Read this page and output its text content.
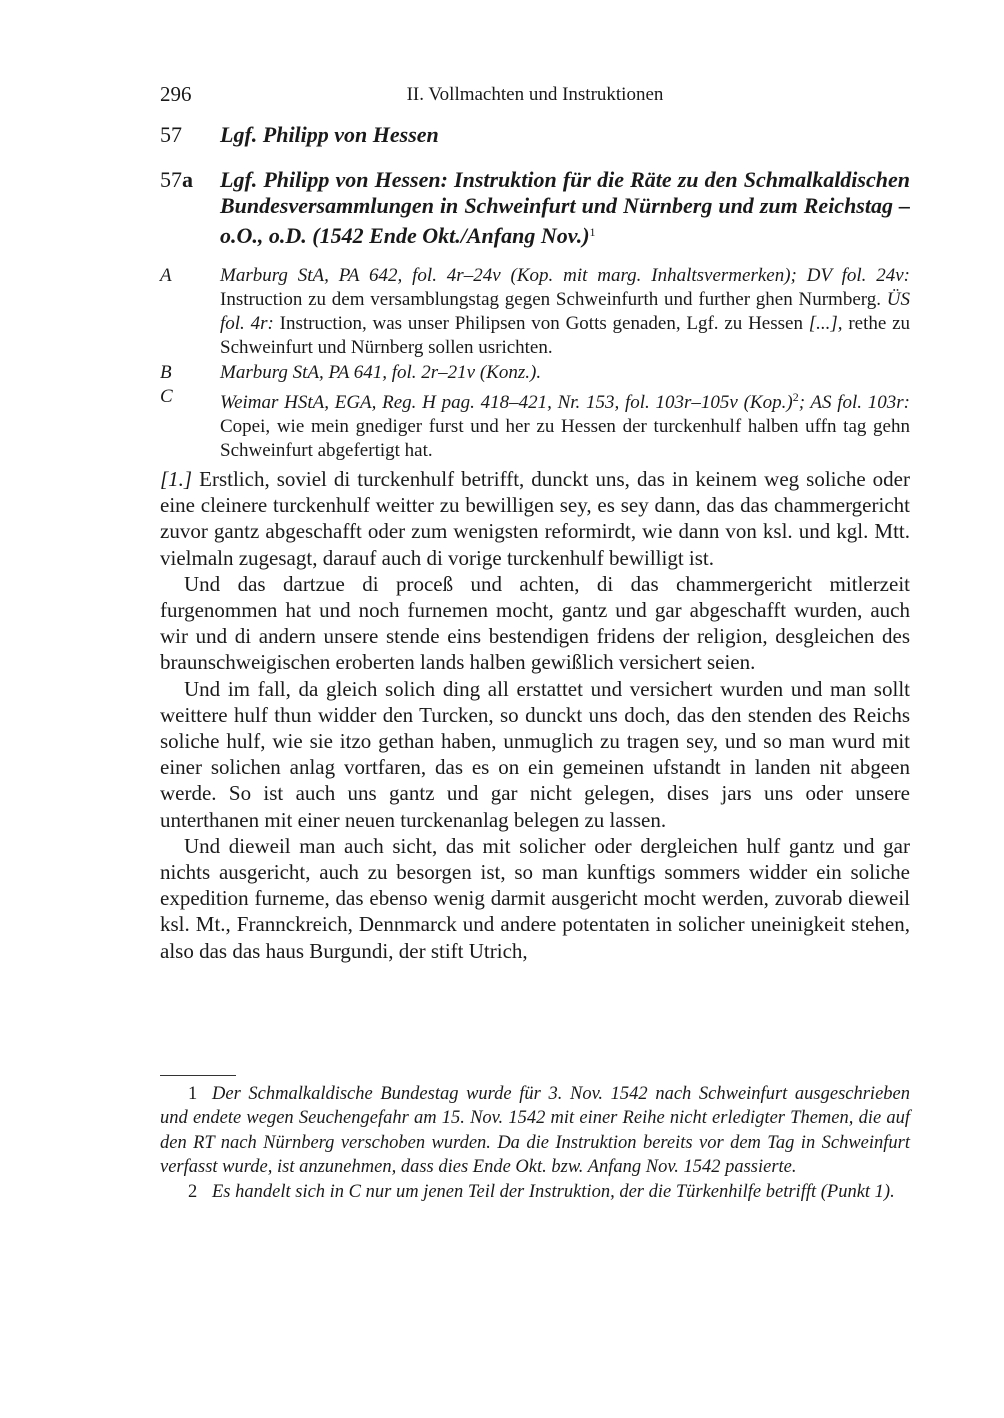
296	II. Vollmachten und Instruktionen
57 Lgf. Philipp von Hessen
57a Lgf. Philipp von Hessen: Instruktion für die Räte zu den Schmalkaldischen Bundesversammlungen in Schweinfurt und Nürnberg und zum Reichstag – o.O., o.D. (1542 Ende Okt./Anfang Nov.)$^1$
A	Marburg StA, PA 642, fol. 4r–24v (Kop. mit marg. Inhaltsvermerken); DV fol. 24v: Instruction zu dem versamblungstag gegen Schweinfurth und further ghen Nurmberg. ÜS fol. 4r: Instruction, was unser Philipsen von Gotts genaden, Lgf. zu Hessen [...], rethe zu Schweinfurt und Nürnberg sollen usrichten.
B	Marburg StA, PA 641, fol. 2r–21v (Konz.).
C Weimar HStA, EGA, Reg. H pag. 418–421, Nr. 153, fol. 103r–105v $(Kop.)^2$; AS fol. 103r: Copei, wie mein gnediger furst und her zu Hessen der turckenhulf halben uffn tag gehn Schweinfurt abgefertigt hat.

[1.] Erstlich, soviel di turckenhulf betrifft, dunckt uns, das in keinem weg soliche oder eine cleinere turckenhulf weitter zu bewilligen sey, es sey dann, das das chammergericht zuvor gantz abgeschafft oder zum wenigsten reformirdt, wie dann von ksl. und kgl. Mtt. vielmaln zugesagt, darauf auch di vorige turckenhulf bewilligt ist.

Und das dartzue di proceß und achten, di das chammergericht mitlerzeit furgenommen hat und noch furnemen mocht, gantz und gar abgeschafft wurden, auch wir und di andern unsere stende eins bestendigen fridens der religion, desgleichen des braunschweigischen eroberten lands halben gewißlich versichert seien.

Und im fall, da gleich solich ding all erstattet und versichert wurden und man sollt weittere hulf thun widder den Turcken, so dunckt uns doch, das den stenden des Reichs soliche hulf, wie sie itzo gethan haben, unmuglich zu tragen sey, und so man wurd mit einer solichen anlag vortfaren, das es on ein gemeinen ufstandt in landen nit abgeen werde. So ist auch uns gantz und gar nicht gelegen, dises jars uns oder unsere unterthanen mit einer neuen turckenanlag belegen zu lassen.

Und dieweil man auch sicht, das mit solicher oder dergleichen hulf gantz und gar nichts ausgericht, auch zu besorgen ist, so man kunftigs sommers widder ein soliche expedition furneme, das ebenso wenig darmit ausgericht mocht werden, zuvorab dieweil ksl. Mt., Frannckreich, Dennmarck und andere potentaten in solicher uneinigkeit stehen, also das das haus Burgundi, der stift Utrich,

1 Der Schmalkaldische Bundestag wurde für 3. Nov. 1542 nach Schweinfurt ausgeschrieben und endete wegen Seuchengefahr am 15. Nov. 1542 mit einer Reihe nicht erledigter Themen, die auf den RT nach Nürnberg verschoben wurden. Da die Instruktion bereits vor dem Tag in Schweinfurt verfasst wurde, ist anzunehmen, dass dies Ende Okt. bzw. Anfang Nov. 1542 passierte.

2 Es handelt sich in C nur um jenen Teil der Instruktion, der die Türkenhilfe betrifft (Punkt 1).
